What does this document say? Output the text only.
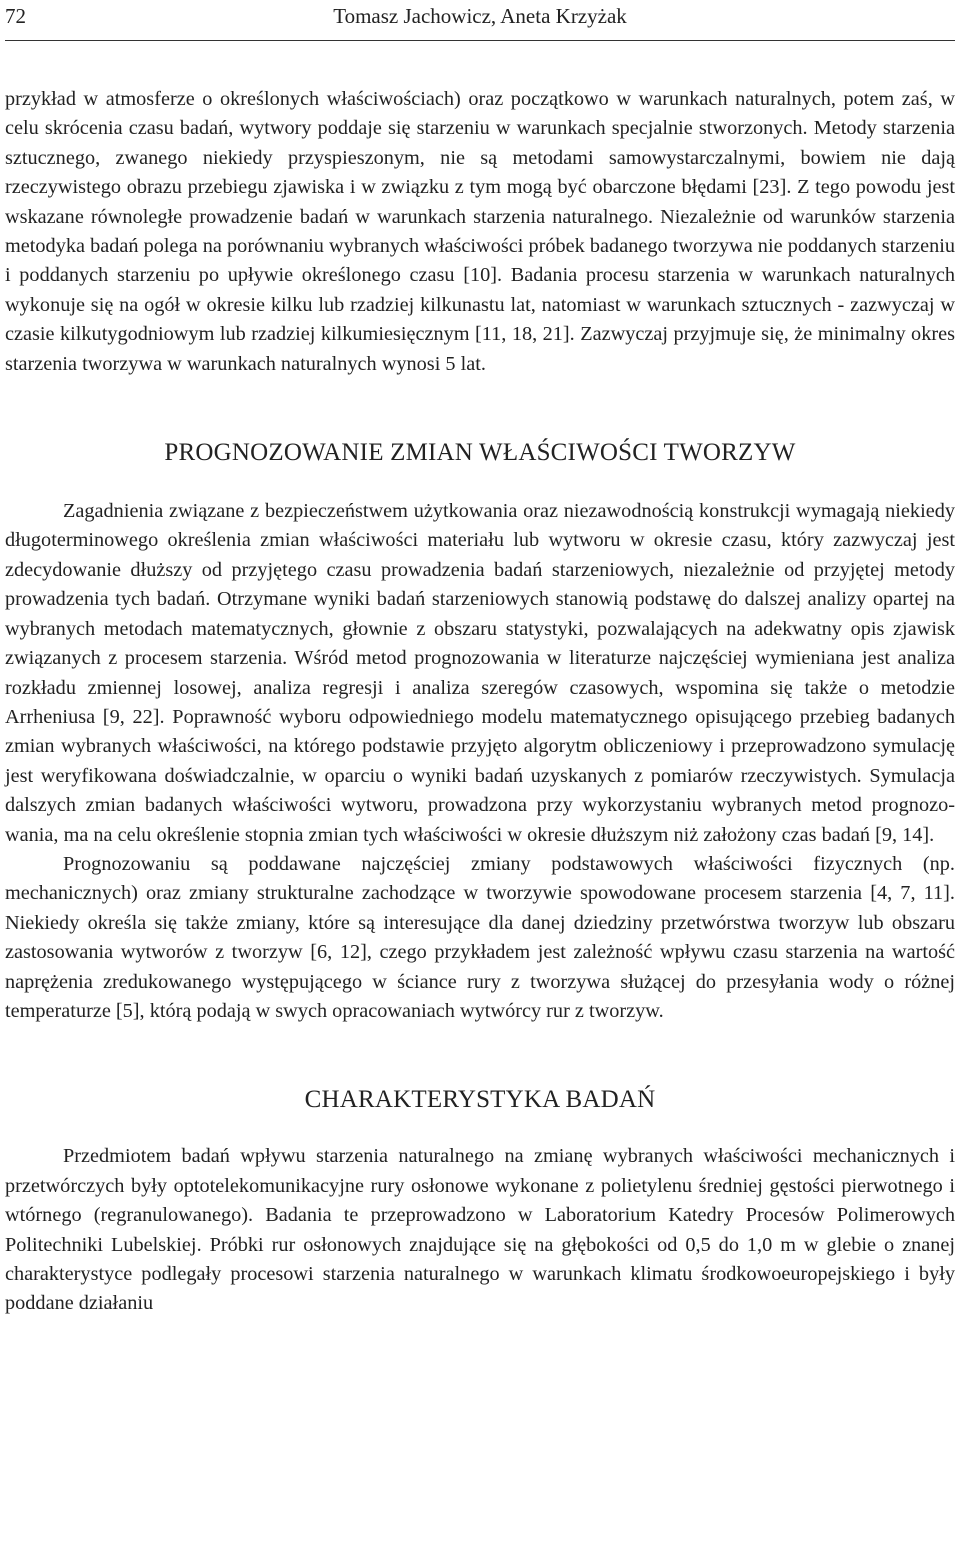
72	Tomasz Jachowicz, Aneta Krzyżak

przykład w atmosferze o określonych właściwościach) oraz początkowo w warunkach naturalnych, potem zaś, w celu skrócenia czasu badań, wytwory poddaje się starzeniu w warunkach specjalnie stworzonych. Metody starzenia sztucznego, zwanego niekiedy przyspieszonym, nie są metodami samowystarczalnymi, bowiem nie dają rzeczywistego obrazu przebiegu zjawiska i w związku z tym mogą być obarczone błędami [23]. Z tego powodu jest wskazane równoległe prowadzenie badań w warunkach starzenia naturalnego. Niezależnie od warunków starzenia metodyka badań polega na porównaniu wybranych właściwości próbek badanego tworzywa nie poddanych starzeniu i poddanych starzeniu po upływie określonego czasu [10]. Badania procesu starzenia w warunkach naturalnych wykonuje się na ogół w okresie kilku lub rzadziej kilkunastu lat, natomiast w warunkach sztucznych - zazwyczaj w czasie kilkutygodniowym lub rzadziej kilkumiesięcznym [11, 18, 21]. Zazwyczaj przyjmuje się, że minimalny okres starzenia tworzywa w warunkach naturalnych wynosi 5 lat.

PROGNOZOWANIE ZMIAN WŁAŚCIWOŚCI TWORZYW

Zagadnienia związane z bezpieczeństwem użytkowania oraz niezawodnością konstrukcji wymagają niekiedy długoterminowego określenia zmian właściwości materiału lub wytworu w okresie czasu, który zazwyczaj jest zdecydowanie dłuższy od przyjętego czasu prowadzenia badań starzeniowych, niezależnie od przyjętej metody prowadzenia tych badań. Otrzymane wyniki badań starzeniowych stanowią podstawę do dalszej analizy opartej na wybranych metodach matematycznych, głownie z obszaru statystyki, pozwalających na adekwatny opis zjawisk związanych z procesem starzenia. Wśród metod prognozowania w literaturze najczęściej wymieniana jest analiza rozkładu zmiennej losowej, analiza regresji i analiza szeregów czasowych, wspomina się także o metodzie Arrheniusa [9, 22]. Poprawność wyboru odpowiedniego modelu matematycznego opisującego przebieg badanych zmian wybranych właściwości, na którego podstawie przyjęto algorytm obliczeniowy i przeprowadzono symulację jest weryfikowana doświadczalnie, w oparciu o wyniki badań uzyskanych z pomiarów rzeczywistych. Symulacja dalszych zmian badanych właściwości wytworu, prowadzona przy wykorzystaniu wybranych metod prognozowania, ma na celu określenie stopnia zmian tych właściwości w okresie dłuższym niż założony czas badań [9, 14].

Prognozowaniu są poddawane najczęściej zmiany podstawowych właściwości fizycznych (np. mechanicznych) oraz zmiany strukturalne zachodzące w tworzywie spowodowane procesem starzenia [4, 7, 11]. Niekiedy określa się także zmiany, które są interesujące dla danej dziedziny przetwórstwa tworzyw lub obszaru zastosowania wytworów z tworzyw [6, 12], czego przykładem jest zależność wpływu czasu starzenia na wartość naprężenia zredukowanego występującego w ściance rury z tworzywa służącej do przesyłania wody o różnej temperaturze [5], którą podają w swych opracowaniach wytwórcy rur z tworzyw.

CHARAKTERYSTYKA BADAŃ

Przedmiotem badań wpływu starzenia naturalnego na zmianę wybranych właściwości mechanicznych i przetwórczych były optotelekomunikacyjne rury osłonowe wykonane z polietylenu średniej gęstości pierwotnego i wtórnego (regranulowanego). Badania te przeprowadzono w Laboratorium Katedry Procesów Polimerowych Politechniki Lubelskiej. Próbki rur osłonowych znajdujące się na głębokości od 0,5 do 1,0 m w glebie o znanej charakterystyce podlegały procesowi starzenia naturalnego w warunkach klimatu środkowoeuropejskiego i były poddane działaniu
